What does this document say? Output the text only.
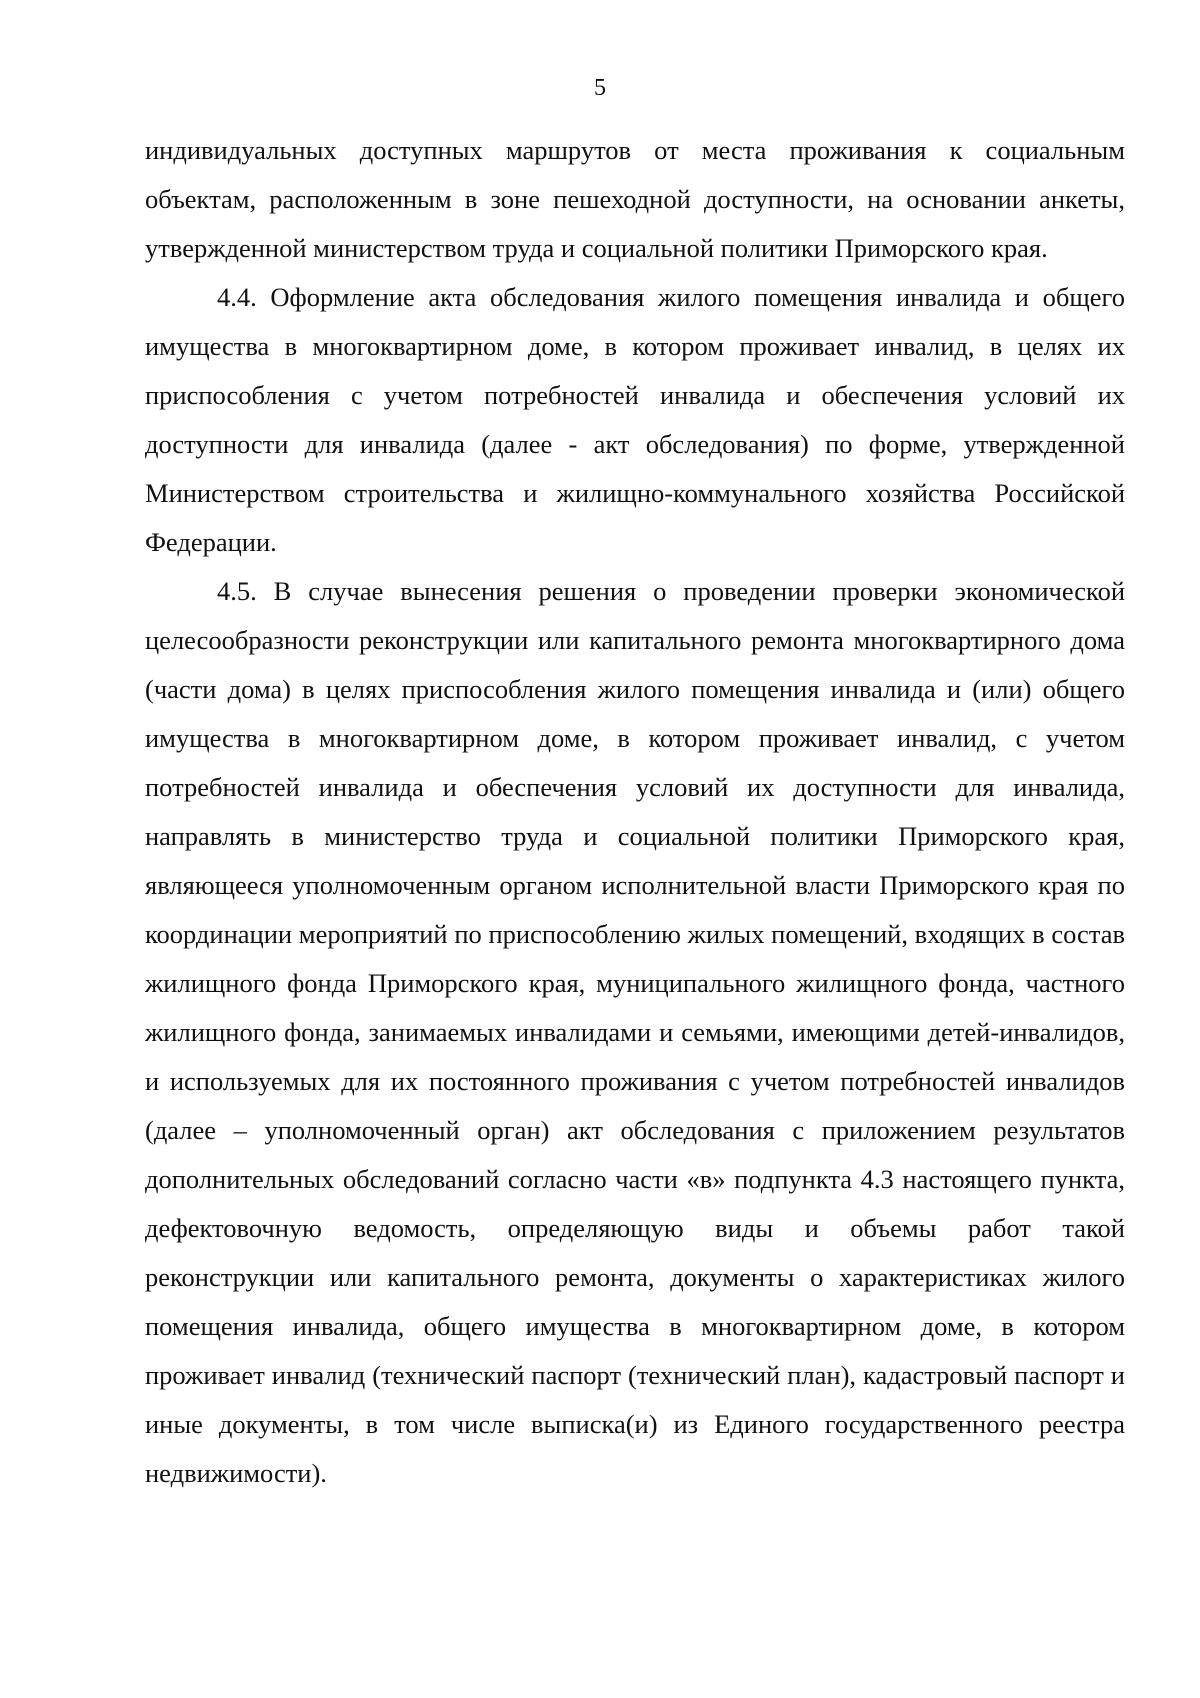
5

индивидуальных доступных маршрутов от места проживания к социальным объектам, расположенным в зоне пешеходной доступности, на основании анкеты, утвержденной министерством труда и социальной политики Приморского края.

4.4. Оформление акта обследования жилого помещения инвалида и общего имущества в многоквартирном доме, в котором проживает инвалид, в целях их приспособления с учетом потребностей инвалида и обеспечения условий их доступности для инвалида (далее - акт обследования) по форме, утвержденной Министерством строительства и жилищно-коммунального хозяйства Российской Федерации.

4.5. В случае вынесения решения о проведении проверки экономической целесообразности реконструкции или капитального ремонта многоквартирного дома (части дома) в целях приспособления жилого помещения инвалида и (или) общего имущества в многоквартирном доме, в котором проживает инвалид, с учетом потребностей инвалида и обеспечения условий их доступности для инвалида, направлять в министерство труда и социальной политики Приморского края, являющееся уполномоченным органом исполнительной власти Приморского края по координации мероприятий по приспособлению жилых помещений, входящих в состав жилищного фонда Приморского края, муниципального жилищного фонда, частного жилищного фонда, занимаемых инвалидами и семьями, имеющими детей-инвалидов, и используемых для их постоянного проживания с учетом потребностей инвалидов (далее – уполномоченный орган) акт обследования с приложением результатов дополнительных обследований согласно части «в» подпункта 4.3 настоящего пункта, дефектовочную ведомость, определяющую виды и объемы работ такой реконструкции или капитального ремонта, документы о характеристиках жилого помещения инвалида, общего имущества в многоквартирном доме, в котором проживает инвалид (технический паспорт (технический план), кадастровый паспорт и иные документы, в том числе выписка(и) из Единого государственного реестра недвижимости).
